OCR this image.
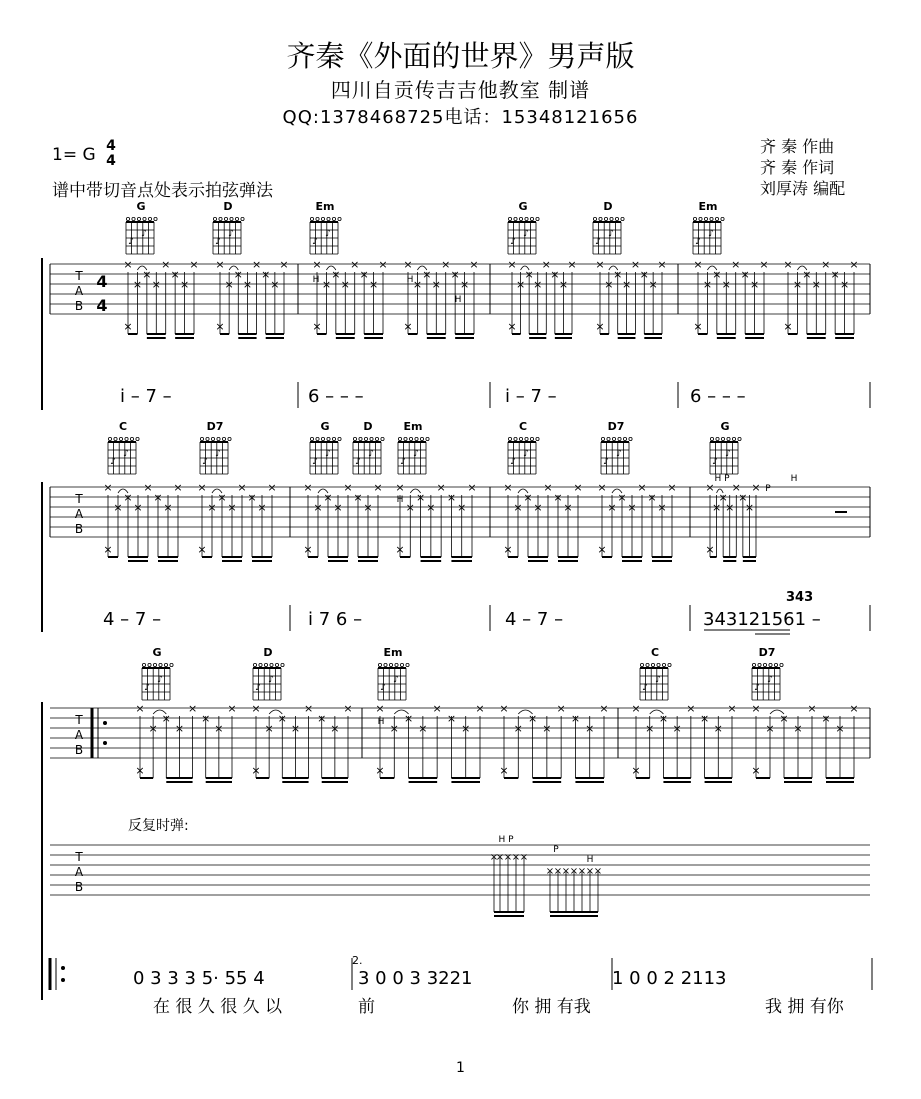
齐秦《外面的世界》男声版
四川自贡传吉吉他教室 制谱
QQ:1378468725电话：15348121656
1= G 4
4
谱中带切音点处表示拍弦弹法
齐 秦 作曲
齐 秦 作词
刘厚涛 编配
G
♪
♪
D
♪
♪
Em
♪
♪
G
♪
♪
D
♪
♪
Em
♪
♪
T
A
B
4
4
×
×
×
×
×
×
×
×
×
×
×
×
×
×
×
×
×
×
×
×
×
×
×
×
×
×
×
×
×
×
×
×
×
×
×
×
×
×
×
×
×
×
×
×
×
×
×
×
×
×
×
×
×
×
×
×
×
×
×
×
×
×
×
×
×
×
×
×
×
×
×
×
H	H
H
i – 7 –	6 – – –	i – 7 –	6 – – –
C
♪
♪
D7
♪
♪
G
♪
♪
D
♪
♪
Em
♪
♪
C
♪
♪
D7
♪
♪
G
♪
♪
T
A
B
×
×
×
×
×
×
×
×
×
×
×
×
×
×
×
×
×
×
×
×
×
×
×
×
×
×
×
×
×
×
×
×
×
×
×
×
×
×
×
×
×
×
×
×
×
×
×
×
×
×
×
×
×
×
×
×
×
×
×
×
×
×
×
H P
P
H
H
4 – 7 –	i 7 6 –	4 – 7 –	343121561 –
343
G
♪
♪
D
♪
♪
Em
♪
♪
C
♪
♪
D7
♪
♪
T
A
B
×
×
×
×
×
×
×
×
×
×
×
×
×
×
×
×
×
×
×
×
×
×
×
×
×
×
×
×
×
×
×
×
×
×
×
×
×
×
×
×
×
×
×
×
×
×
×
×
×
×
×
×
×
×
H
反复时弹:
T
A
B
×
× × × ×
× × × × × × ×
H P
P
H
0 3 3 3 5· 55 4	3 0 0 3 3221	1 0 0 2 2113
2.
在 很 久 很 久 以	前	你 拥 有我	我 拥 有你
1
